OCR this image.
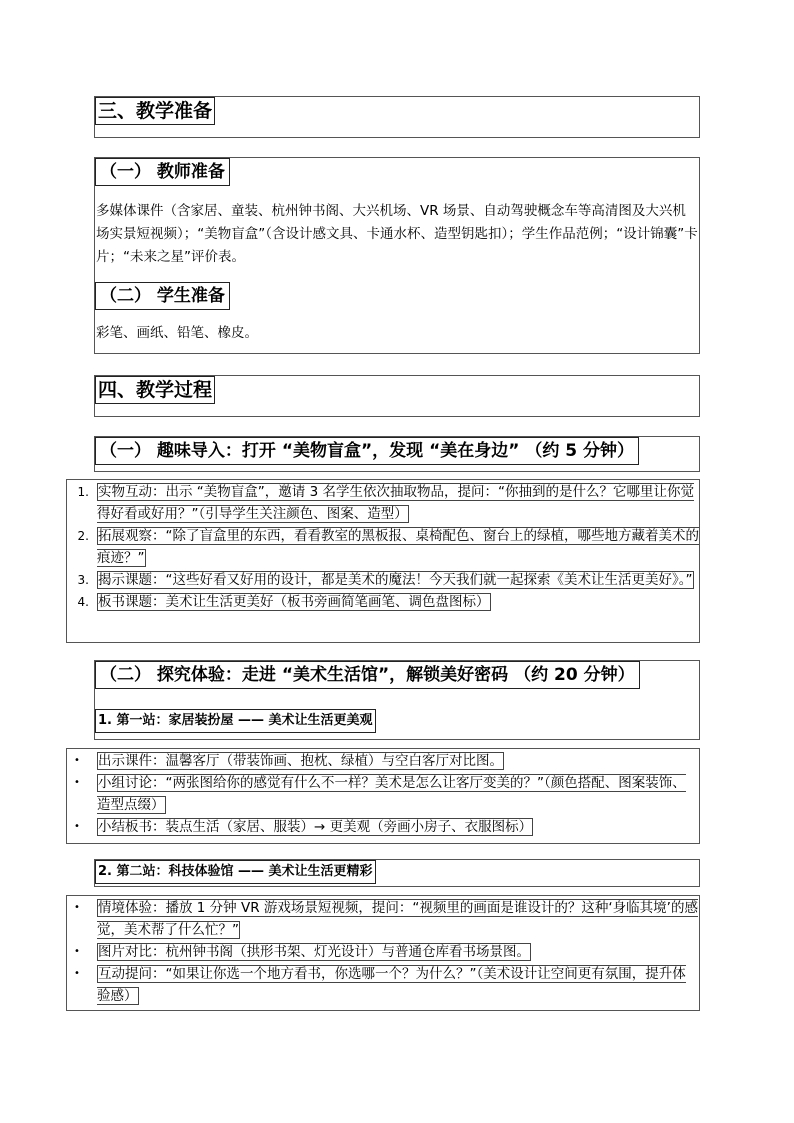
三、教学准备
（一） 教师准备
多媒体课件（含家居、童装、杭州钟书阁、大兴机场、VR 场景、自动驾驶概念车等高清图及大兴机场实景短视频）；“美物盲盒”（含设计感文具、卡通水杯、造型钥匙扣）；学生作品范例；“设计锦囊”卡片；“未来之星”评价表。
（二） 学生准备
彩笔、画纸、铅笔、橡皮。
四、教学过程
（一） 趣味导入：打开 “美物盲盒”，发现 “美在身边” （约 5 分钟）
1. 实物互动：出示 “美物盲盒”，邀请 3 名学生依次抽取物品，提问：“你抽到的是什么？它哪里让你觉得好看或好用？”（引导学生关注颜色、图案、造型）
2. 拓展观察：“除了盲盒里的东西，看看教室的黑板报、桌椅配色、窗台上的绿植，哪些地方藏着美术的痕迹？”
3. 揭示课题：“这些好看又好用的设计，都是美术的魔法！今天我们就一起探索《美术让生活更美好》。”
4. 板书课题：美术让生活更美好（板书旁画简笔画笔、调色盘图标）
（二） 探究体验：走进 “美术生活馆”，解锁美好密码 （约 20 分钟）
1. 第一站：家居装扮屋 —— 美术让生活更美观
• 出示课件：温馨客厅（带装饰画、抱枕、绿植）与空白客厅对比图。
• 小组讨论：“两张图给你的感觉有什么不一样？美术是怎么让客厅变美的？”（颜色搭配、图案装饰、造型点缀）
• 小结板书：装点生活（家居、服装）→ 更美观（旁画小房子、衣服图标）
2. 第二站：科技体验馆 —— 美术让生活更精彩
• 情境体验：播放 1 分钟 VR 游戏场景短视频，提问：“视频里的画面是谁设计的？这种‘身临其境’的感觉，美术帮了什么忙？”
• 图片对比：杭州钟书阁（拱形书架、灯光设计）与普通仓库看书场景图。
• 互动提问：“如果让你选一个地方看书，你选哪一个？为什么？”（美术设计让空间更有氛围，提升体验感）
